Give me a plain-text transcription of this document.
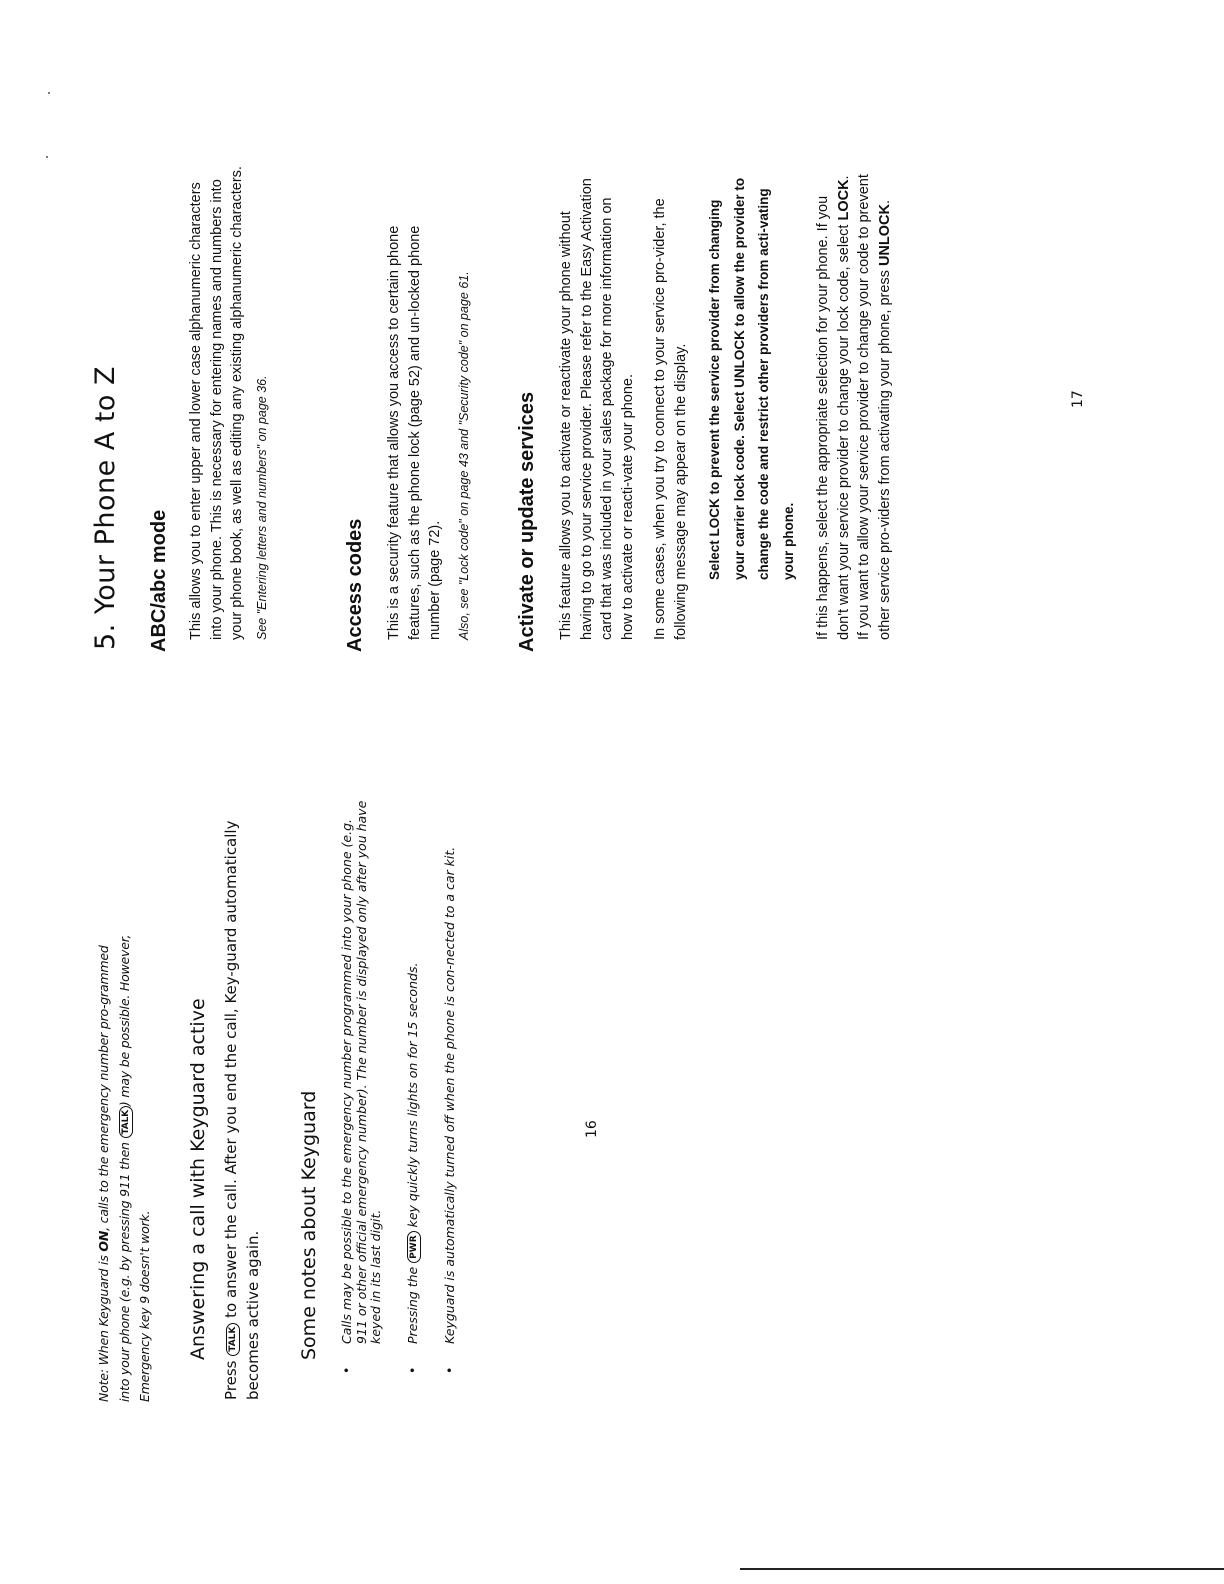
Note: When Keyguard is ON, calls to the emergency number pro-grammed into your phone (e.g. by pressing 911 then TALK) may be possible. However, Emergency key 9 doesn't work. Answering a call with Keyguard active
Press TALK to answer the call. After you end the call, Key-guard automatically becomes active again. Some notes about Keyguard
•
Calls may be possible to the emergency number programmed into your phone (e.g. 911 or other official emergency number). The number is displayed only after you have keyed in its last digit.
•
Pressing the PWR key quickly turns lights on for 15 seconds.
•
Keyguard is automatically turned off when the phone is con-nected to a car kit.	16
5. Your Phone A to Z ABC/abc mode This allows you to enter upper and lower case alphanumeric characters into your phone. This is necessary for entering names and numbers into your phone book, as well as editing any existing alphanumeric characters. See "Entering letters and numbers" on page 36.	Access codes This is a security feature that allows you access to certain phone features, such as the phone lock (page 52) and un-locked phone number (page 72). Also, see "Lock code" on page 43 and "Security code" on page 61. Activate or update services This feature allows you to activate or reactivate your phone without having to go to your service provider. Please refer to the Easy Activation card that was included in your sales package for more information on how to activate or reacti-vate your phone. In some cases, when you try to connect to your service pro-vider, the following message may appear on the display. Select LOCK to prevent the service provider from changing your carrier lock code. Select UNLOCK to allow the provider to change the code and restrict other providers from acti-vating your phone.	If this happens, select the appropriate selection for your phone. If you don't want your service provider to change your lock code, select LOCK. If you want to allow your service provider to change your code to prevent other service pro-viders from activating your phone, press UNLOCK.

17
